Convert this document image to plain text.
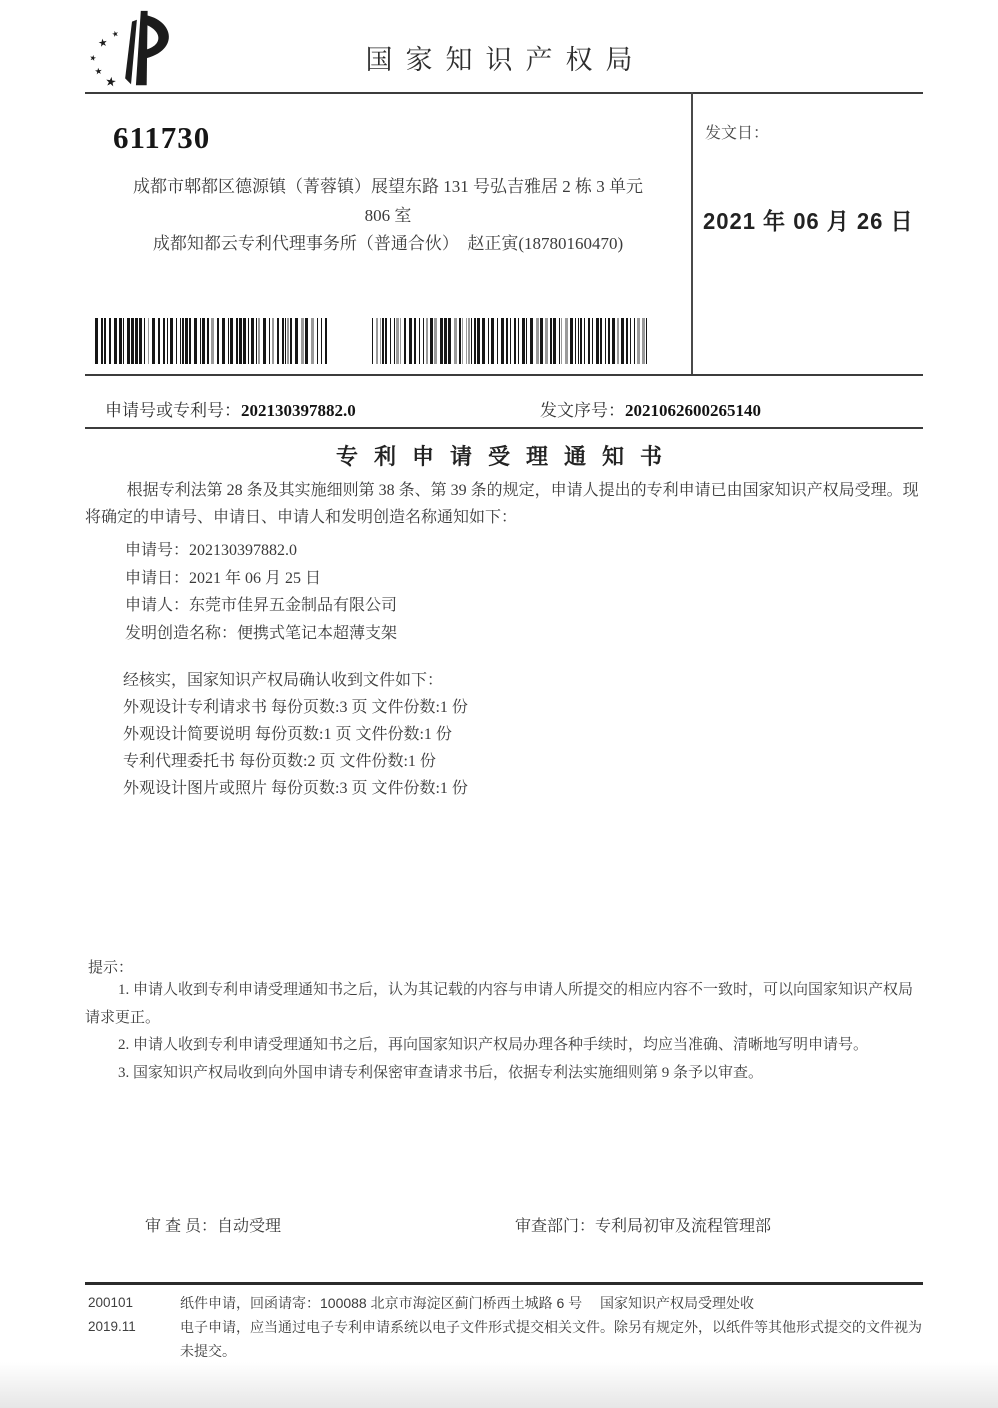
★
★
★
★
★
国家知识产权局
611730
成都市郫都区德源镇（菁蓉镇）展望东路 131 号弘吉雅居 2 栋 3 单元
806 室
成都知都云专利代理事务所（普通合伙）　赵正寅(18780160470)
发文日：
2021 年 06 月 26 日
申请号或专利号：202130397882.0	发文序号：2021062600265140
专利申请受理通知书

根据专利法第 28 条及其实施细则第 38 条、第 39 条的规定，申请人提出的专利申请已由国家知识产权局受理。现将确定的申请号、申请日、申请人和发明创造名称通知如下：

申请号：202130397882.0
申请日：2021 年 06 月 25 日
申请人：东莞市佳昇五金制品有限公司
发明创造名称：便携式笔记本超薄支架
经核实，国家知识产权局确认收到文件如下：
外观设计专利请求书 每份页数:3 页 文件份数:1 份
外观设计简要说明 每份页数:1 页 文件份数:1 份
专利代理委托书 每份页数:2 页 文件份数:1 份
外观设计图片或照片 每份页数:3 页 文件份数:1 份
提示：

1. 申请人收到专利申请受理通知书之后，认为其记载的内容与申请人所提交的相应内容不一致时，可以向国家知识产权局请求更正。

2. 申请人收到专利申请受理通知书之后，再向国家知识产权局办理各种手续时，均应当准确、清晰地写明申请号。

3. 国家知识产权局收到向外国申请专利保密审查请求书后，依据专利法实施细则第 9 条予以审查。

审 查 员：自动受理	审查部门：专利局初审及流程管理部
200101
2019.11

纸件申请，回函请寄：100088 北京市海淀区蓟门桥西土城路 6 号　 国家知识产权局受理处收

电子申请，应当通过电子专利申请系统以电子文件形式提交相关文件。除另有规定外，以纸件等其他形式提交的文件视为未提交。
